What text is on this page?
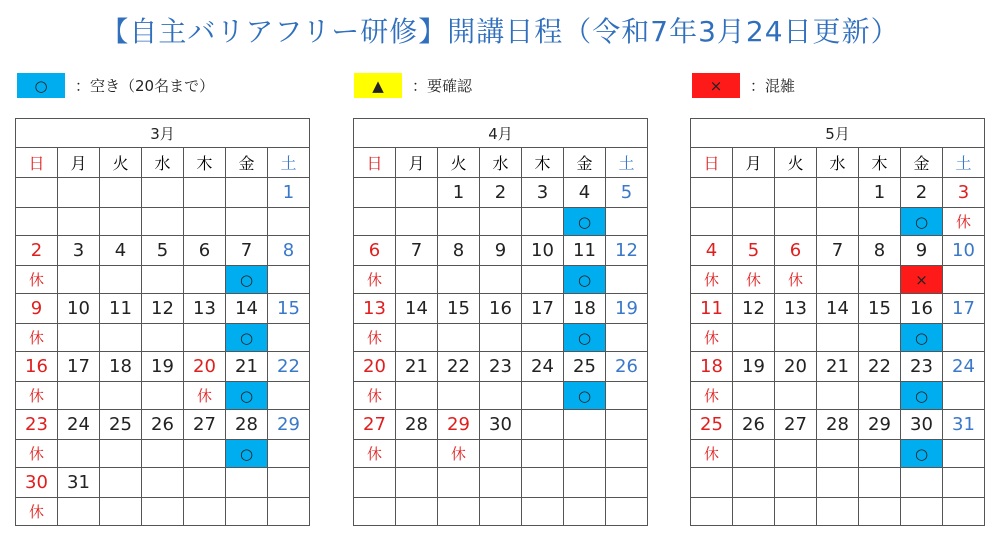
【自主バリアフリー研修】開講日程（令和7年3月24日更新）
○	：空き（20名まで）	▲	：要確認	×	：混雑
3月						
日	月	火	水	木	金	土
						1

2	3	4	5	6	7	8
休					○	
9	10	11	12	13	14	15
休					○	
16	17	18	19	20	21	22
休				休	○	
23	24	25	26	27	28	29
休					○	
30	31					
休						
4月						
日	月	火	水	木	金	土
		1	2	3	4	5
					○	
6	7	8	9	10	11	12
休					○	
13	14	15	16	17	18	19
休					○	
20	21	22	23	24	25	26
休					○	
27	28	29	30			
休		休				

5月						
日	月	火	水	木	金	土
				1	2	3
					○	休
4	5	6	7	8	9	10
休	休	休			×	
11	12	13	14	15	16	17
休					○	
18	19	20	21	22	23	24
休					○	
25	26	27	28	29	30	31
休					○	
